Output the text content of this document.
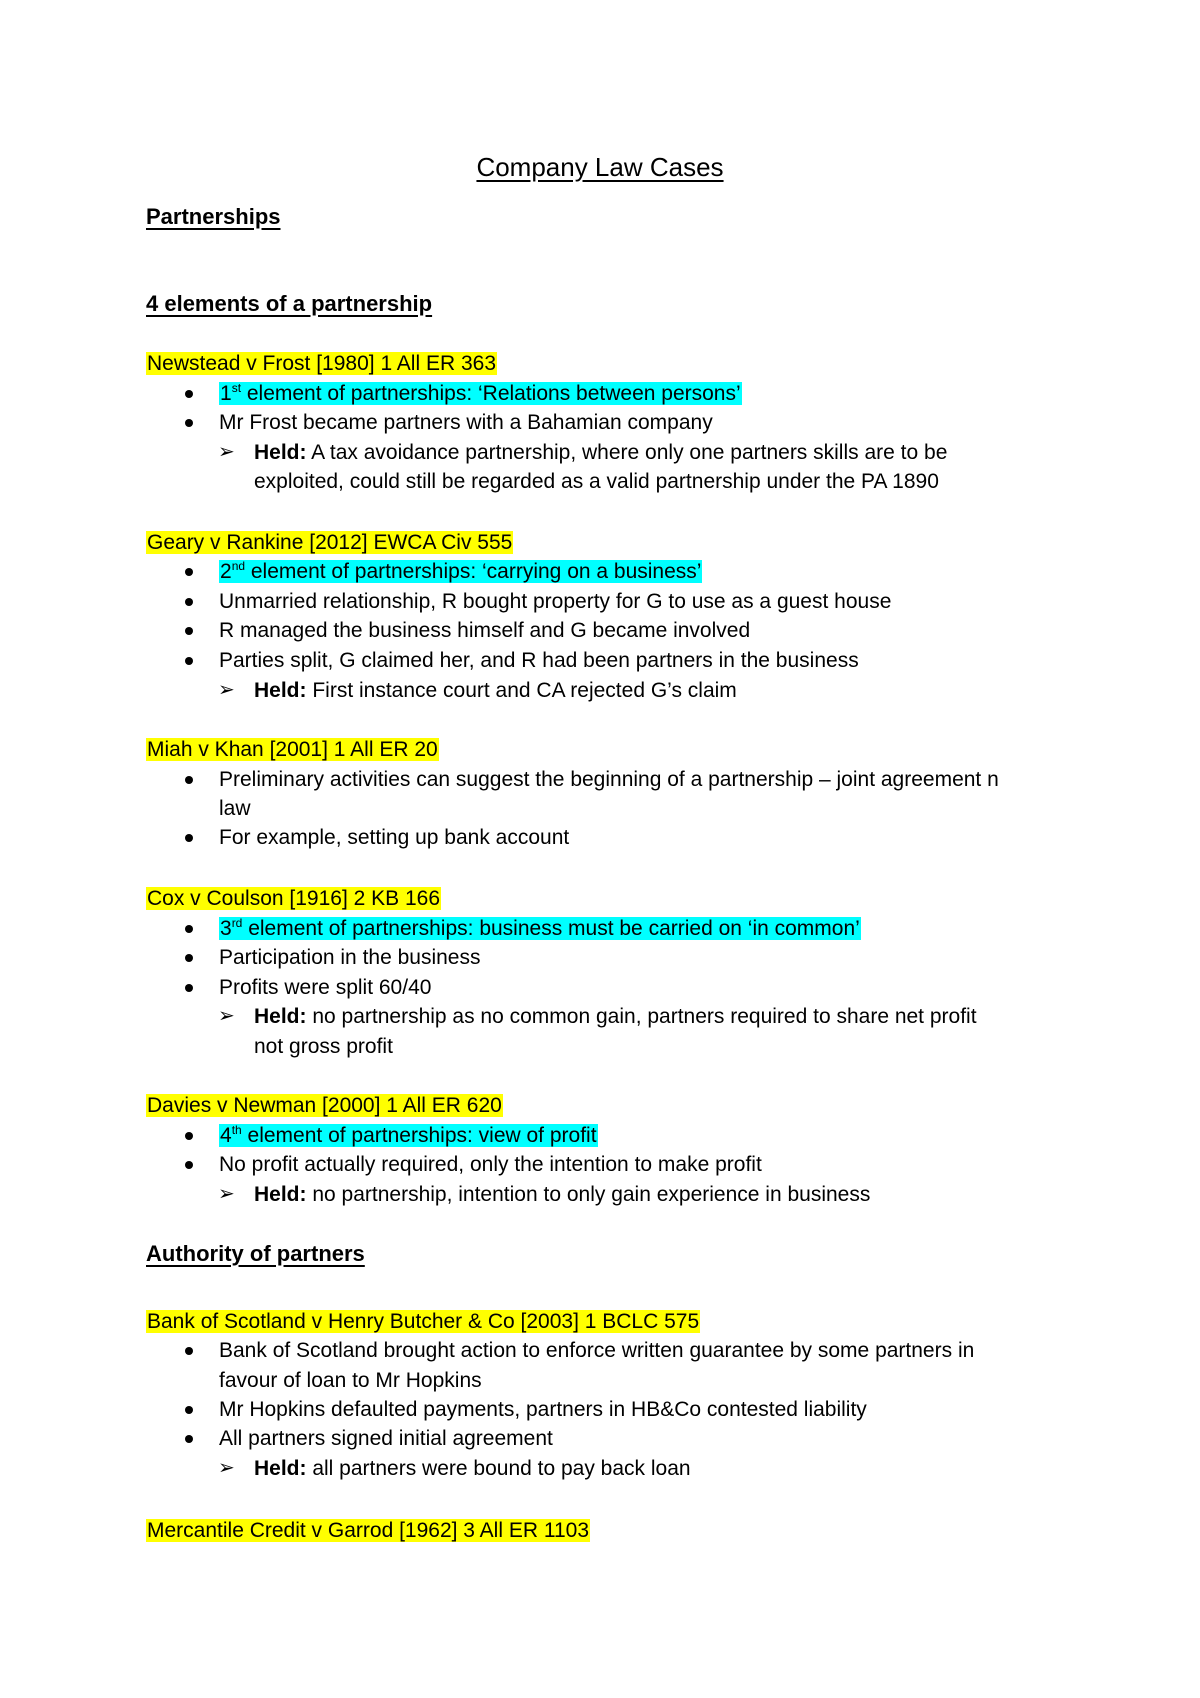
Company Law Cases
Partnerships
4 elements of a partnership
Newstead v Frost [1980] 1 All ER 363
1st element of partnerships: ‘Relations between persons’
Mr Frost became partners with a Bahamian company
➢ Held: A tax avoidance partnership, where only one partners skills are to be
exploited, could still be regarded as a valid partnership under the PA 1890
Geary v Rankine [2012] EWCA Civ 555
2nd element of partnerships: ‘carrying on a business’
Unmarried relationship, R bought property for G to use as a guest house
R managed the business himself and G became involved
Parties split, G claimed her, and R had been partners in the business
➢ Held: First instance court and CA rejected G’s claim
Miah v Khan [2001] 1 All ER 20
Preliminary activities can suggest the beginning of a partnership – joint agreement n
law
For example, setting up bank account
Cox v Coulson [1916] 2 KB 166
3rd element of partnerships: business must be carried on ‘in common’
Participation in the business
Profits were split 60/40
➢ Held: no partnership as no common gain, partners required to share net profit
not gross profit
Davies v Newman [2000] 1 All ER 620
4th element of partnerships: view of profit
No profit actually required, only the intention to make profit
➢ Held: no partnership, intention to only gain experience in business
Authority of partners
Bank of Scotland v Henry Butcher & Co [2003] 1 BCLC 575
Bank of Scotland brought action to enforce written guarantee by some partners in
favour of loan to Mr Hopkins
Mr Hopkins defaulted payments, partners in HB&Co contested liability
All partners signed initial agreement
➢ Held: all partners were bound to pay back loan
Mercantile Credit v Garrod [1962] 3 All ER 1103
